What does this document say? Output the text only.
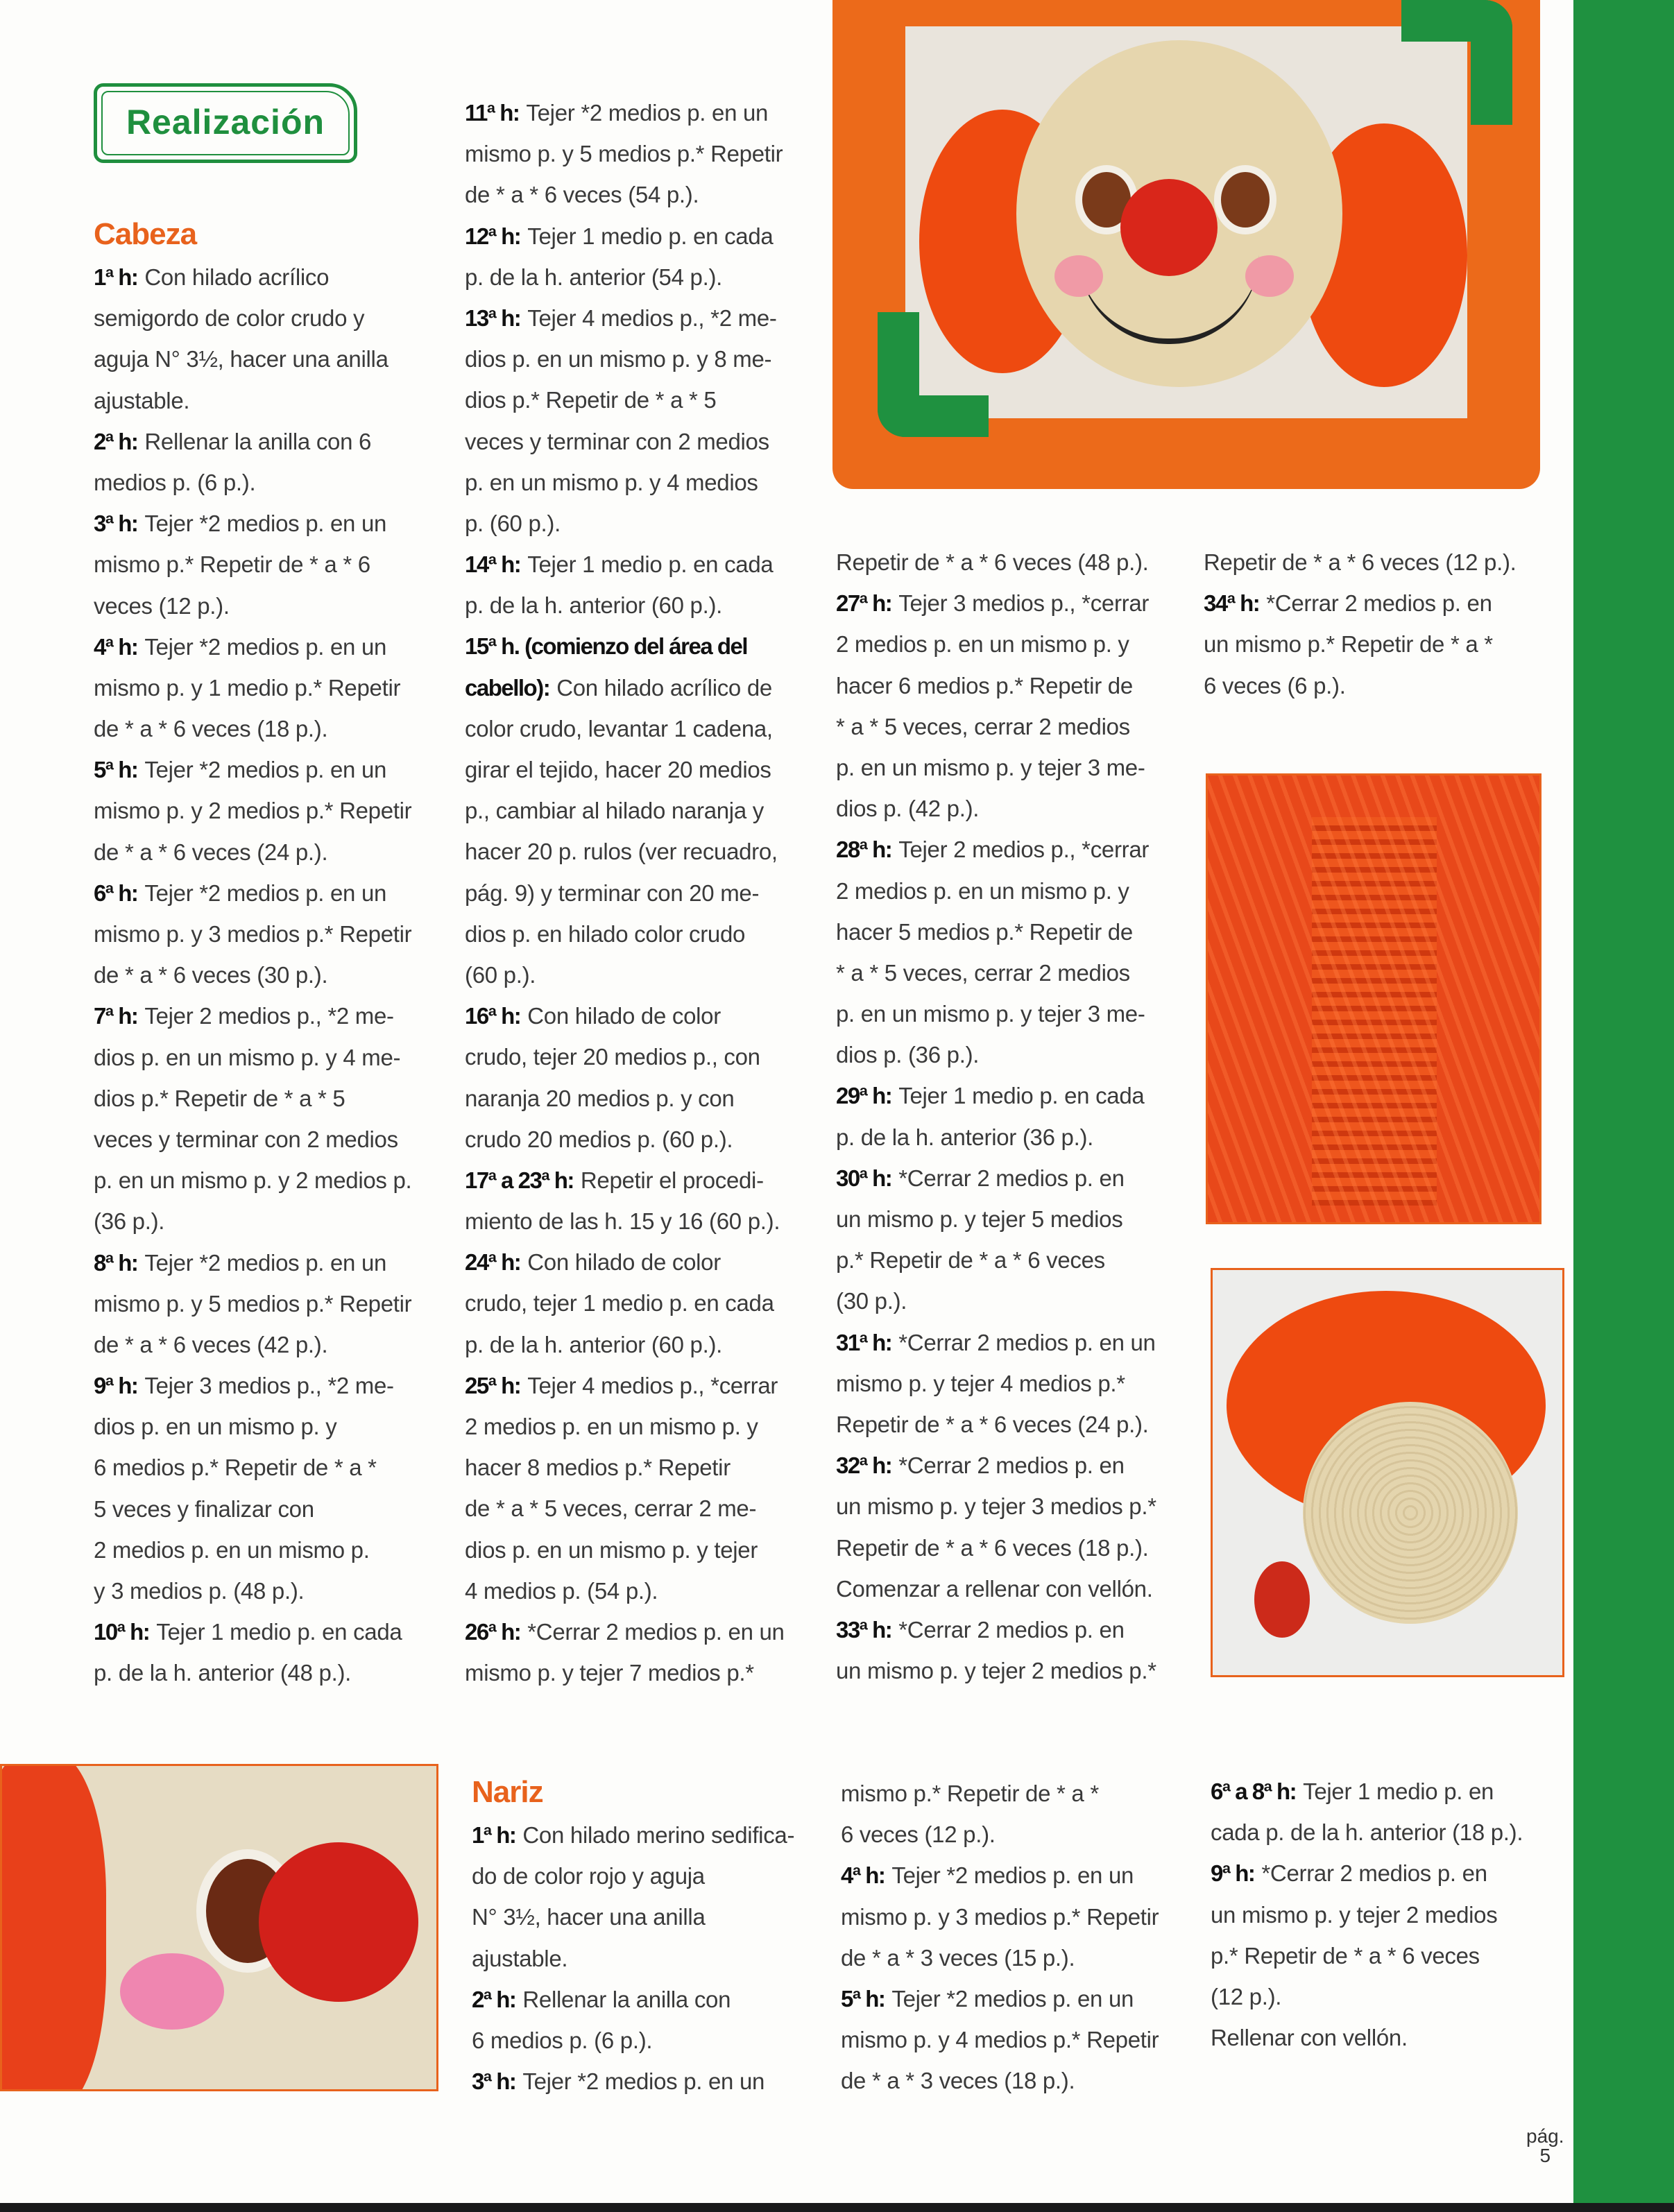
Realización
Cabeza
1ª h: Con hilado acrílico
semigordo de color crudo y
aguja N° 3½, hacer una anilla
ajustable.
2ª h: Rellenar la anilla con 6
medios p. (6 p.).
3ª h: Tejer *2 medios p. en un
mismo p.* Repetir de * a * 6
veces (12 p.).
4ª h: Tejer *2 medios p. en un
mismo p. y 1 medio p.* Repetir
de * a * 6 veces (18 p.).
5ª h: Tejer *2 medios p. en un
mismo p. y 2 medios p.* Repetir
de * a * 6 veces (24 p.).
6ª h: Tejer *2 medios p. en un
mismo p. y 3 medios p.* Repetir
de * a * 6 veces (30 p.).
7ª h: Tejer 2 medios p., *2 me-
dios p. en un mismo p. y 4 me-
dios p.* Repetir de * a * 5
veces y terminar con 2 medios
p. en un mismo p. y 2 medios p.
(36 p.).
8ª h: Tejer *2 medios p. en un
mismo p. y 5 medios p.* Repetir
de * a * 6 veces (42 p.).
9ª h: Tejer 3 medios p., *2 me-
dios p. en un mismo p. y
6 medios p.* Repetir de * a *
5 veces y finalizar con
2 medios p. en un mismo p.
y 3 medios p. (48 p.).
10ª h: Tejer 1 medio p. en cada
p. de la h. anterior (48 p.).
11ª h: Tejer *2 medios p. en un
mismo p. y 5 medios p.* Repetir
de * a * 6 veces (54 p.).
12ª h: Tejer 1 medio p. en cada
p. de la h. anterior (54 p.).
13ª h: Tejer 4 medios p., *2 me-
dios p. en un mismo p. y 8 me-
dios p.* Repetir de * a * 5
veces y terminar con 2 medios
p. en un mismo p. y 4 medios
p. (60 p.).
14ª h: Tejer 1 medio p. en cada
p. de la h. anterior (60 p.).
15ª h. (comienzo del área del
cabello): Con hilado acrílico de
color crudo, levantar 1 cadena,
girar el tejido, hacer 20 medios
p., cambiar al hilado naranja y
hacer 20 p. rulos (ver recuadro,
pág. 9) y terminar con 20 me-
dios p. en hilado color crudo
(60 p.).
16ª h: Con hilado de color
crudo, tejer 20 medios p., con
naranja 20 medios p. y con
crudo 20 medios p. (60 p.).
17ª a 23ª h: Repetir el procedi-
miento de las h. 15 y 16 (60 p.).
24ª h: Con hilado de color
crudo, tejer 1 medio p. en cada
p. de la h. anterior (60 p.).
25ª h: Tejer 4 medios p., *cerrar
2 medios p. en un mismo p. y
hacer 8 medios p.* Repetir
de * a * 5 veces, cerrar 2 me-
dios p. en un mismo p. y tejer
4 medios p. (54 p.).
26ª h: *Cerrar 2 medios p. en un
mismo p. y tejer 7 medios p.*
Repetir de * a * 6 veces (48 p.).
27ª h: Tejer 3 medios p., *cerrar
2 medios p. en un mismo p. y
hacer 6 medios p.* Repetir de
* a * 5 veces, cerrar 2 medios
p. en un mismo p. y tejer 3 me-
dios p. (42 p.).
28ª h: Tejer 2 medios p., *cerrar
2 medios p. en un mismo p. y
hacer 5 medios p.* Repetir de
* a * 5 veces, cerrar 2 medios
p. en un mismo p. y tejer 3 me-
dios p. (36 p.).
29ª h: Tejer 1 medio p. en cada
p. de la h. anterior (36 p.).
30ª h: *Cerrar 2 medios p. en
un mismo p. y tejer 5 medios
p.* Repetir de * a * 6 veces
(30 p.).
31ª h: *Cerrar 2 medios p. en un
mismo p. y tejer 4 medios p.*
Repetir de * a * 6 veces (24 p.).
32ª h: *Cerrar 2 medios p. en
un mismo p. y tejer 3 medios p.*
Repetir de * a * 6 veces (18 p.).
Comenzar a rellenar con vellón.
33ª h: *Cerrar 2 medios p. en
un mismo p. y tejer 2 medios p.*
Repetir de * a * 6 veces (12 p.).
34ª h: *Cerrar 2 medios p. en
un mismo p.* Repetir de * a *
6 veces (6 p.).
Nariz
1ª h: Con hilado merino sedifica-
do de color rojo y aguja
N° 3½, hacer una anilla
ajustable.
2ª h: Rellenar la anilla con
6 medios p. (6 p.).
3ª h: Tejer *2 medios p. en un
mismo p.* Repetir de * a *
6 veces (12 p.).
4ª h: Tejer *2 medios p. en un
mismo p. y 3 medios p.* Repetir
de * a * 3 veces (15 p.).
5ª h: Tejer *2 medios p. en un
mismo p. y 4 medios p.* Repetir
de * a * 3 veces (18 p.).
6ª a 8ª h: Tejer 1 medio p. en
cada p. de la h. anterior (18 p.).
9ª h: *Cerrar 2 medios p. en
un mismo p. y tejer 2 medios
p.* Repetir de * a * 6 veces
(12 p.).
Rellenar con vellón.
pág.
5
